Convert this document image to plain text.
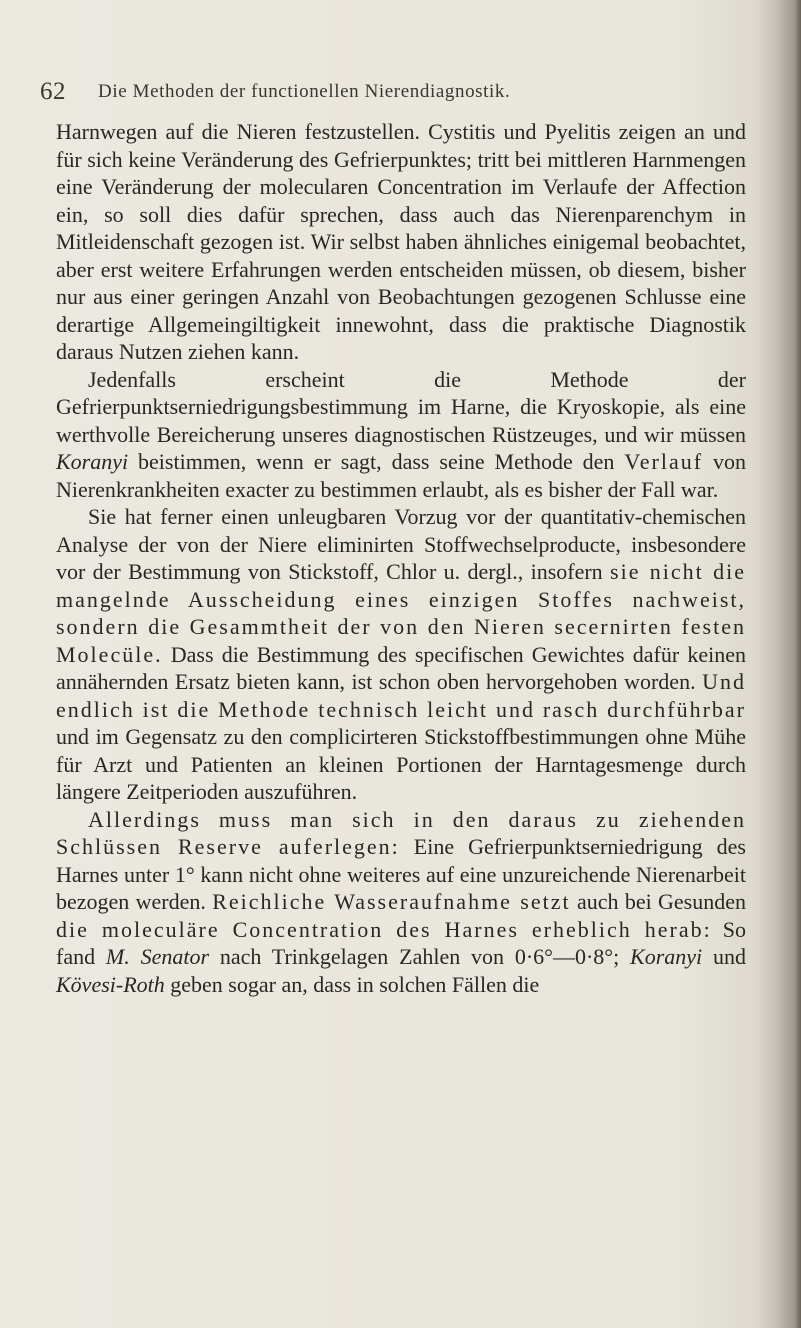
62 Die Methoden der functionellen Nierendiagnostik.

Harnwegen auf die Nieren festzustellen. Cystitis und Pyelitis zeigen an und für sich keine Veränderung des Gefrierpunktes; tritt bei mittleren Harnmengen eine Veränderung der molecularen Concentration im Verlaufe der Affection ein, so soll dies dafür sprechen, dass auch das Nierenparenchym in Mitleidenschaft gezogen ist. Wir selbst haben ähnliches einigemal beobachtet, aber erst weitere Erfahrungen werden entscheiden müssen, ob diesem, bisher nur aus einer geringen Anzahl von Beobachtungen gezogenen Schlusse eine derartige Allgemeingiltigkeit innewohnt, dass die praktische Diagnostik daraus Nutzen ziehen kann.

Jedenfalls erscheint die Methode der Gefrierpunktserniedrigungsbestimmung im Harne, die Kryoskopie, als eine werthvolle Bereicherung unseres diagnostischen Rüstzeuges, und wir müssen Koranyi beistimmen, wenn er sagt, dass seine Methode den Verlauf von Nierenkrankheiten exacter zu bestimmen erlaubt, als es bisher der Fall war.

Sie hat ferner einen unleugbaren Vorzug vor der quantitativ-chemischen Analyse der von der Niere eliminirten Stoffwechselproducte, insbesondere vor der Bestimmung von Stickstoff, Chlor u. dergl., insofern sie nicht die mangelnde Ausscheidung eines einzigen Stoffes nachweist, sondern die Gesammtheit der von den Nieren secernirten festen Molecüle. Dass die Bestimmung des specifischen Gewichtes dafür keinen annähernden Ersatz bieten kann, ist schon oben hervorgehoben worden. Und endlich ist die Methode technisch leicht und rasch durchführbar und im Gegensatz zu den complicirteren Stickstoffbestimmungen ohne Mühe für Arzt und Patienten an kleinen Portionen der Harntagesmenge durch längere Zeitperioden auszuführen.

Allerdings muss man sich in den daraus zu ziehenden Schlüssen Reserve auferlegen: Eine Gefrierpunktserniedrigung des Harnes unter 1° kann nicht ohne weiteres auf eine unzureichende Nierenarbeit bezogen werden. Reichliche Wasseraufnahme setzt auch bei Gesunden die moleculäre Concentration des Harnes erheblich herab: So fand M. Senator nach Trinkgelagen Zahlen von 0·6°—0·8°; Koranyi und Kövesi-Roth geben sogar an, dass in solchen Fällen die
